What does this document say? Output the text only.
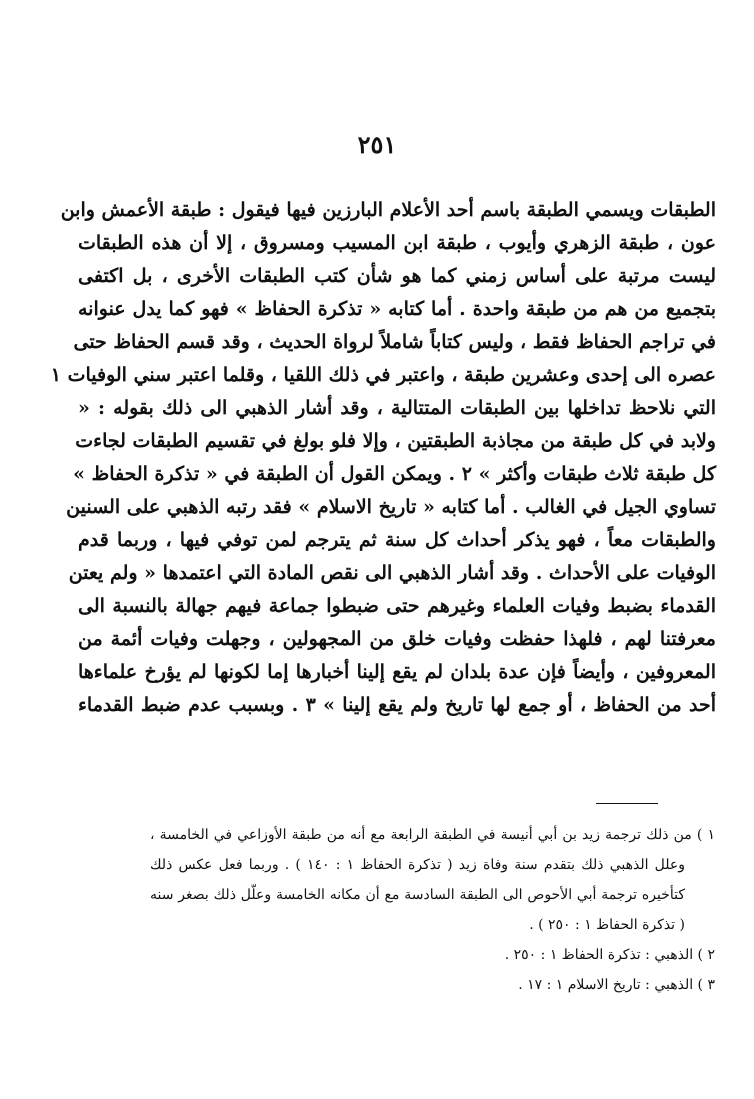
٢٥١
الطبقات ويسمي الطبقة باسم أحد الأعلام البارزين فيها فيقول : طبقة الأعمش وابن
عون ، طبقة الزهري وأيوب ، طبقة ابن المسيب ومسروق ، إلا أن هذه الطبقات
ليست مرتبة على أساس زمني كما هو شأن كتب الطبقات الأخرى ، بل اكتفى
بتجميع من هم من طبقة واحدة . أما كتابه « تذكرة الحفاظ » فهو كما يدل عنوانه
في تراجم الحفاظ فقط ، وليس كتاباً شاملاً لرواة الحديث ، وقد قسم الحفاظ حتى
عصره الى إحدى وعشرين طبقة ، واعتبر في ذلك اللقيا ، وقلما اعتبر سني الوفيات ١
التي نلاحظ تداخلها بين الطبقات المتتالية ، وقد أشار الذهبي الى ذلك بقوله : «
ولابد في كل طبقة من مجاذبة الطبقتين ، وإلا فلو بولغ في تقسيم الطبقات لجاءت
كل طبقة ثلاث طبقات وأكثر » ٢ . ويمكن القول أن الطبقة في « تذكرة الحفاظ »
تساوي الجيل في الغالب . أما كتابه « تاريخ الاسلام » فقد رتبه الذهبي على السنين
والطبقات معاً ، فهو يذكر أحداث كل سنة ثم يترجم لمن توفي فيها ، وربما قدم
الوفيات على الأحداث . وقد أشار الذهبي الى نقص المادة التي اعتمدها « ولم يعتن
القدماء بضبط وفيات العلماء وغيرهم حتى ضبطوا جماعة فيهم جهالة بالنسبة الى
معرفتنا لهم ، فلهذا حفظت وفيات خلق من المجهولين ، وجهلت وفيات أئمة من
المعروفين ، وأيضاً فإن عدة بلدان لم يقع إلينا أخبارها إما لكونها لم يؤرخ علماءها
أحد من الحفاظ ، أو جمع لها تاريخ ولم يقع إلينا » ٣ . وبسبب عدم ضبط القدماء
١ ) من ذلك ترجمة زيد بن أبي أنيسة في الطبقة الرابعة مع أنه من طبقة الأوزاعي في الخامسة ،
وعلل الذهبي ذلك بتقدم سنة وفاة زيد ( تذكرة الحفاظ ١ : ١٤٠ ) . وربما فعل عكس ذلك
كتأخيره ترجمة أبي الأحوص الى الطبقة السادسة مع أن مكانه الخامسة وعلّل ذلك بصغر سنه
( تذكرة الحفاظ ١ : ٢٥٠ ) .
٢ ) الذهبي : تذكرة الحفاظ ١ : ٢٥٠ .
٣ ) الذهبي : تاريخ الاسلام ١ : ١٧ .
